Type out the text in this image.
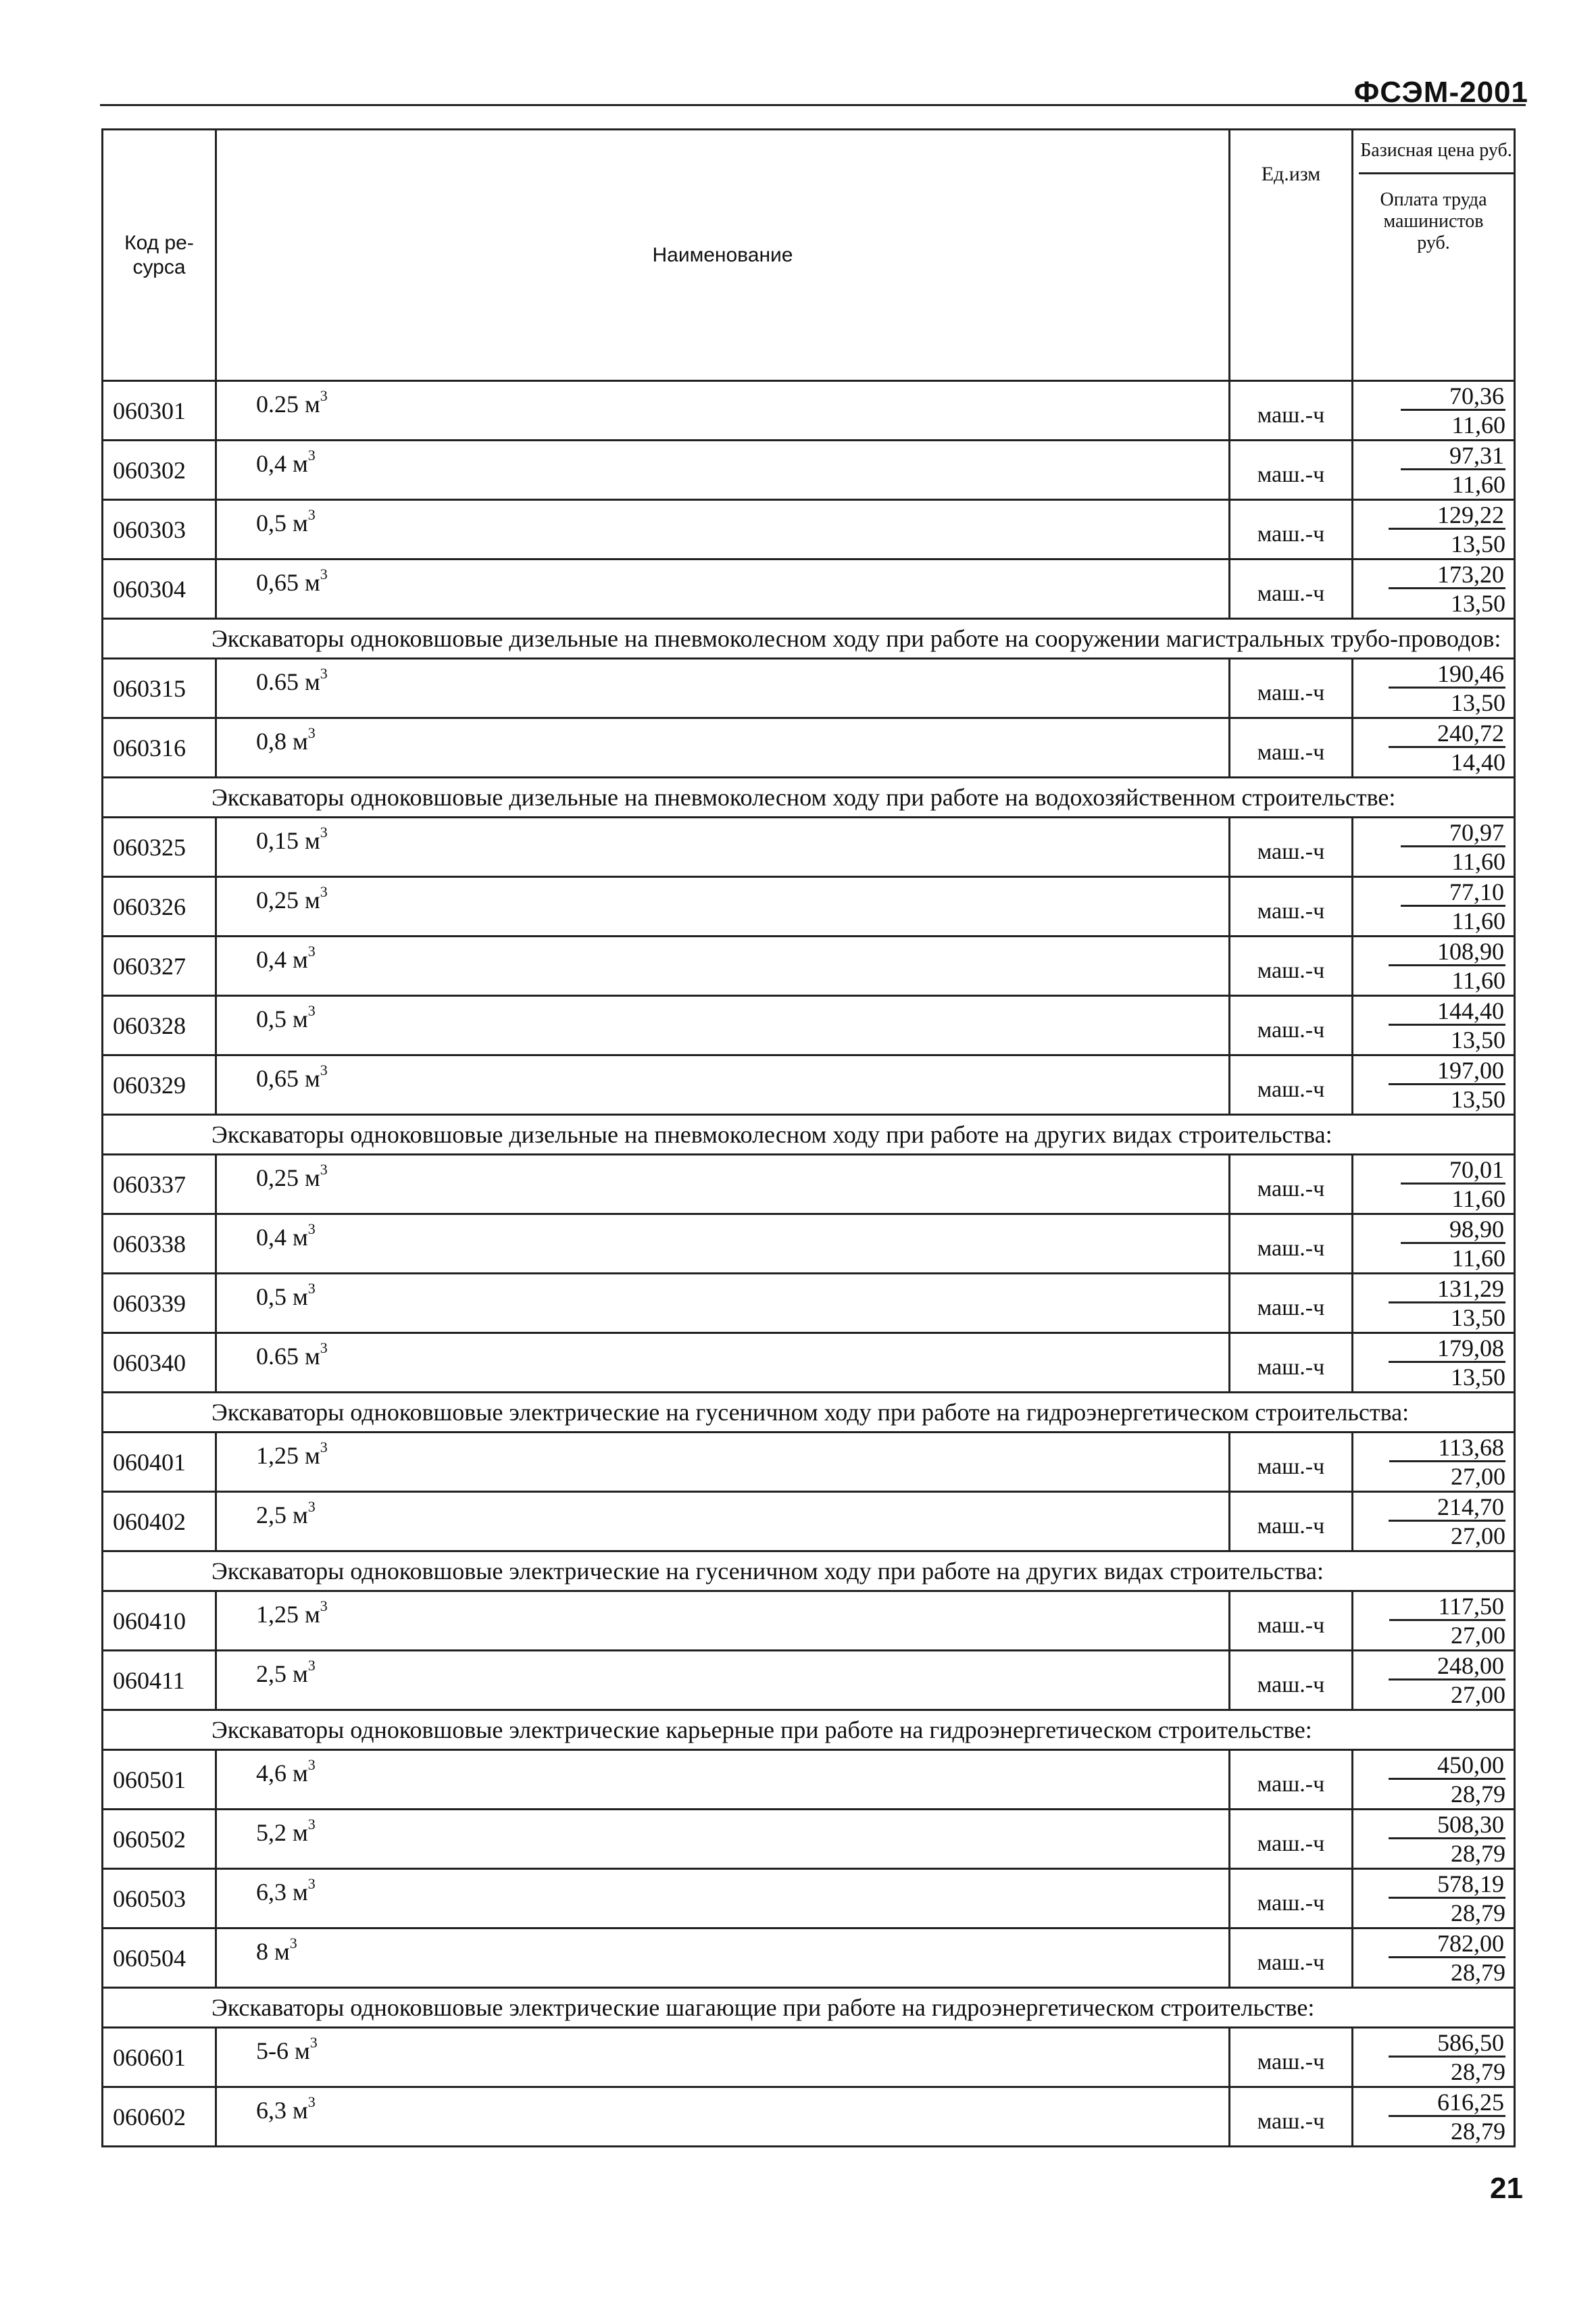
ФСЭМ-2001
Код ре-сурса	Наименование	Ед.изм	Базисная цена руб.
Оплата труда
машинистов
руб.

060301	0.25 $м^3$	маш.-ч	70,36
11,60

060302	0,4 $м^3$	маш.-ч	97,31
11,60

060303	0,5 $м^3$	маш.-ч	129,22
13,50

060304	0,65 $м^3$	маш.-ч	173,20
13,50

Экскаваторы одноковшовые дизельные на пневмоколесном ходу при работе на сооружении магистральных трубо-проводов:			
060315	0.65 $м^3$	маш.-ч	190,46
13,50

060316	0,8 $м^3$	маш.-ч	240,72
14,40

Экскаваторы одноковшовые дизельные на пневмоколесном ходу при работе на водохозяйственном строительстве:			
060325	0,15 $м^3$	маш.-ч	70,97
11,60

060326	0,25 $м^3$	маш.-ч	77,10
11,60

060327	0,4 $м^3$	маш.-ч	108,90
11,60

060328	0,5 $м^3$	маш.-ч	144,40
13,50

060329	0,65 $м^3$	маш.-ч	197,00
13,50

Экскаваторы одноковшовые дизельные на пневмоколесном ходу при работе на других видах строительства:			
060337	0,25 $м^3$	маш.-ч	70,01
11,60

060338	0,4 $м^3$	маш.-ч	98,90
11,60

060339	0,5 $м^3$	маш.-ч	131,29
13,50

060340	0.65 $м^3$	маш.-ч	179,08
13,50

Экскаваторы одноковшовые электрические на гусеничном ходу при работе на гидроэнергетическом строительства:			
060401	1,25 $м^3$	маш.-ч	113,68
27,00

060402	2,5 $м^3$	маш.-ч	214,70
27,00

Экскаваторы одноковшовые электрические на гусеничном ходу при работе на других видах строительства:			
060410	1,25 $м^3$	маш.-ч	117,50
27,00

060411	2,5 $м^3$	маш.-ч	248,00
27,00

Экскаваторы одноковшовые электрические карьерные при работе на гидроэнергетическом строительстве:			
060501	4,6 $м^3$	маш.-ч	450,00
28,79

060502	5,2 $м^3$	маш.-ч	508,30
28,79

060503	6,3 $м^3$	маш.-ч	578,19
28,79

060504	8 $м^3$	маш.-ч	782,00
28,79

Экскаваторы одноковшовые электрические шагающие при работе на гидроэнергетическом строительстве:			
060601	5-6 $м^3$	маш.-ч	586,50
28,79

060602	6,3 $м^3$	маш.-ч	616,25
28,79
21
